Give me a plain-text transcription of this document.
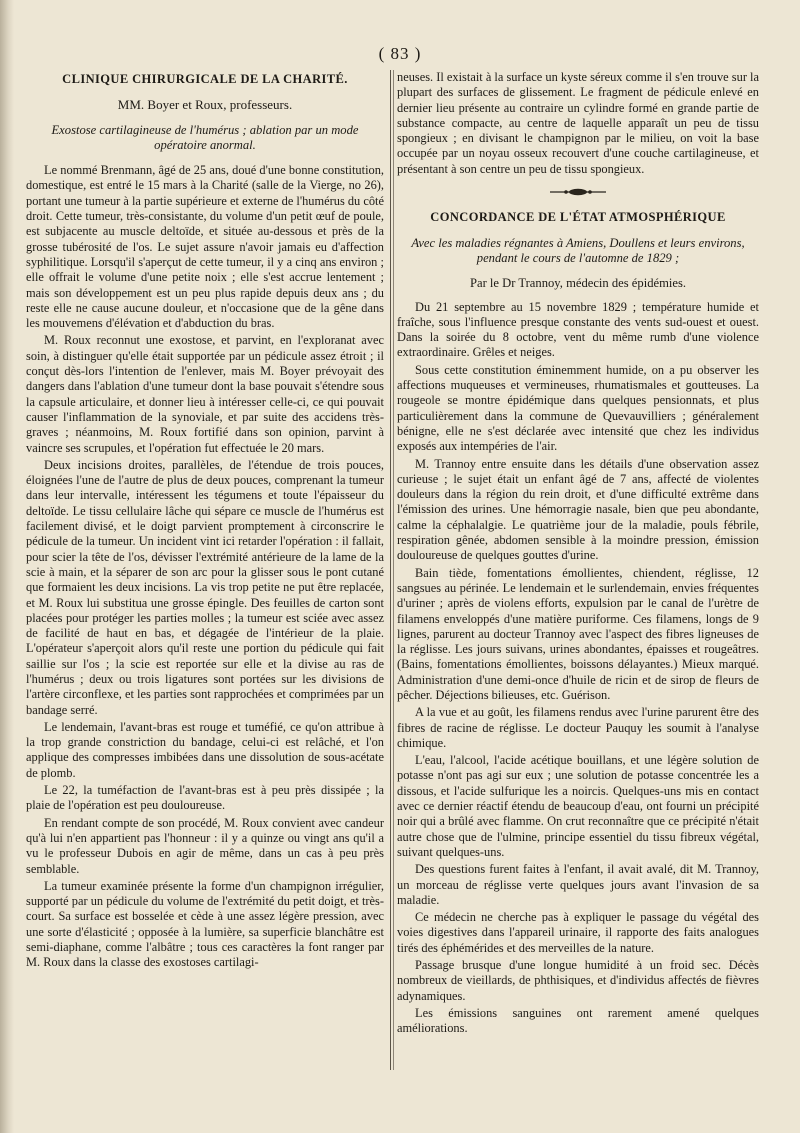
( 83 )
CLINIQUE CHIRURGICALE DE LA CHARITÉ.
MM. Boyer et Roux, professeurs.
Exostose cartilagineuse de l'humérus ; ablation par un mode opératoire anormal.

Le nommé Brenmann, âgé de 25 ans, doué d'une bonne constitution, domestique, est entré le 15 mars à la Charité (salle de la Vierge, no 26), portant une tumeur à la partie supérieure et externe de l'humérus du côté droit. Cette tumeur, très-consistante, du volume d'un petit œuf de poule, est subjacente au muscle deltoïde, et située au-dessous et près de la grosse tubérosité de l'os. Le sujet assure n'avoir jamais eu d'affection syphilitique. Lorsqu'il s'aperçut de cette tumeur, il y a cinq ans environ ; elle offrait le volume d'une petite noix ; elle s'est accrue lentement ; mais son développement est un peu plus rapide depuis deux ans ; du reste elle ne cause aucune douleur, et n'occasione que de la gêne dans les mouvemens d'élévation et d'abduction du bras.

M. Roux reconnut une exostose, et parvint, en l'exploranat avec soin, à distinguer qu'elle était supportée par un pédicule assez étroit ; il conçut dès-lors l'intention de l'enlever, mais M. Boyer prévoyait des dangers dans l'ablation d'une tumeur dont la base pouvait s'étendre sous la capsule articulaire, et donner lieu à intéresser celle-ci, ce qui pouvait causer l'inflammation de la synoviale, et par suite des accidens très-graves ; néanmoins, M. Roux fortifié dans son opinion, parvint à vaincre ses scrupules, et l'opération fut effectuée le 20 mars.

Deux incisions droites, parallèles, de l'étendue de trois pouces, éloignées l'une de l'autre de plus de deux pouces, comprenant la tumeur dans leur intervalle, intéressent les tégumens et toute l'épaisseur du deltoïde. Le tissu cellulaire lâche qui sépare ce muscle de l'humérus est facilement divisé, et le doigt parvient promptement à circonscrire le pédicule de la tumeur. Un incident vint ici retarder l'opération : il fallait, pour scier la tête de l'os, dévisser l'extrémité antérieure de la lame de la scie à main, et la séparer de son arc pour la glisser sous le pont cutané que formaient les deux incisions. La vis trop petite ne put être replacée, et M. Roux lui substitua une grosse épingle. Des feuilles de carton sont placées pour protéger les parties molles ; la tumeur est sciée avec assez de facilité de haut en bas, et dégagée de l'intérieur de la plaie. L'opérateur s'aperçoit alors qu'il reste une portion du pédicule qui fait saillie sur l'os ; la scie est reportée sur elle et la divise au ras de l'humérus ; deux ou trois ligatures sont portées sur les divisions de l'artère circonflexe, et les parties sont rapprochées et comprimées par un bandage serré.

Le lendemain, l'avant-bras est rouge et tuméfié, ce qu'on attribue à la trop grande constriction du bandage, celui-ci est relâché, et l'on applique des compresses imbibées dans une dissolution de sous-acétate de plomb.

Le 22, la tuméfaction de l'avant-bras est à peu près dissipée ; la plaie de l'opération est peu douloureuse.

En rendant compte de son procédé, M. Roux convient avec candeur qu'à lui n'en appartient pas l'honneur : il y a quinze ou vingt ans qu'il a vu le professeur Dubois en agir de même, dans un cas à peu près semblable.

La tumeur examinée présente la forme d'un champignon irrégulier, supporté par un pédicule du volume de l'extrémité du petit doigt, et très-court. Sa surface est bosselée et cède à une assez légère pression, avec une sorte d'élasticité ; opposée à la lumière, sa superficie blanchâtre est semi-diaphane, comme l'albâtre ; tous ces caractères la font ranger par M. Roux dans la classe des exostoses cartilagi-

neuses. Il existait à la surface un kyste séreux comme il s'en trouve sur la plupart des surfaces de glissement. Le fragment de pédicule enlevé en dernier lieu présente au contraire un cylindre formé en grande partie de substance compacte, au centre de laquelle apparaît un peu de tissu spongieux ; en divisant le champignon par le milieu, on voit la base occupée par un noyau osseux recouvert d'une couche cartilagineuse, et présentant à son centre un peu de tissu spongieux.

CONCORDANCE DE L'ÉTAT ATMOSPHÉRIQUE
Avec les maladies régnantes à Amiens, Doullens et leurs environs, pendant le cours de l'automne de 1829 ;
Par le Dr Trannoy, médecin des épidémies.

Du 21 septembre au 15 novembre 1829 ; température humide et fraîche, sous l'influence presque constante des vents sud-ouest et ouest. Dans la soirée du 8 octobre, vent du même rumb d'une violence extraordinaire. Grêles et neiges.

Sous cette constitution éminemment humide, on a pu observer les affections muqueuses et vermineuses, rhumatismales et goutteuses. La rougeole se montre épidémique dans quelques pensionnats, et plus particulièrement dans la commune de Quevauvilliers ; généralement bénigne, elle ne s'est déclarée avec intensité que chez les individus exposés aux intempéries de l'air.

M. Trannoy entre ensuite dans les détails d'une observation assez curieuse ; le sujet était un enfant âgé de 7 ans, affecté de violentes douleurs dans la région du rein droit, et d'une difficulté extrême dans l'émission des urines. Une hémorragie nasale, bien que peu abondante, calme la céphalalgie. Le quatrième jour de la maladie, pouls fébrile, respiration gênée, abdomen sensible à la moindre pression, émission douloureuse de quelques gouttes d'urine.

Bain tiède, fomentations émollientes, chiendent, réglisse, 12 sangsues au périnée. Le lendemain et le surlendemain, envies fréquentes d'uriner ; après de violens efforts, expulsion par le canal de l'urètre de filamens enveloppés d'une matière puriforme. Ces filamens, longs de 9 lignes, parurent au docteur Trannoy avec l'aspect des fibres ligneuses de la réglisse. Les jours suivans, urines abondantes, épaisses et rougeâtres. (Bains, fomentations émollientes, boissons délayantes.) Mieux marqué. Administration d'une demi-once d'huile de ricin et de sirop de fleurs de pêcher. Déjections bilieuses, etc. Guérison.

A la vue et au goût, les filamens rendus avec l'urine parurent être des fibres de racine de réglisse. Le docteur Pauquy les soumit à l'analyse chimique.

L'eau, l'alcool, l'acide acétique bouillans, et une légère solution de potasse n'ont pas agi sur eux ; une solution de potasse concentrée les a dissous, et l'acide sulfurique les a noircis. Quelques-uns mis en contact avec ce dernier réactif étendu de beaucoup d'eau, ont fourni un précipité noir qui a brûlé avec flamme. On crut reconnaître que ce précipité n'était autre chose que de l'ulmine, principe essentiel du tissu fibreux végétal, suivant quelques-uns.

Des questions furent faites à l'enfant, il avait avalé, dit M. Trannoy, un morceau de réglisse verte quelques jours avant l'invasion de sa maladie.

Ce médecin ne cherche pas à expliquer le passage du végétal des voies digestives dans l'appareil urinaire, il rapporte des faits analogues tirés des éphémérides et des merveilles de la nature.

Passage brusque d'une longue humidité à un froid sec. Décès nombreux de vieillards, de phthisiques, et d'individus affectés de fièvres adynamiques.

Les émissions sanguines ont rarement amené quelques améliorations.
